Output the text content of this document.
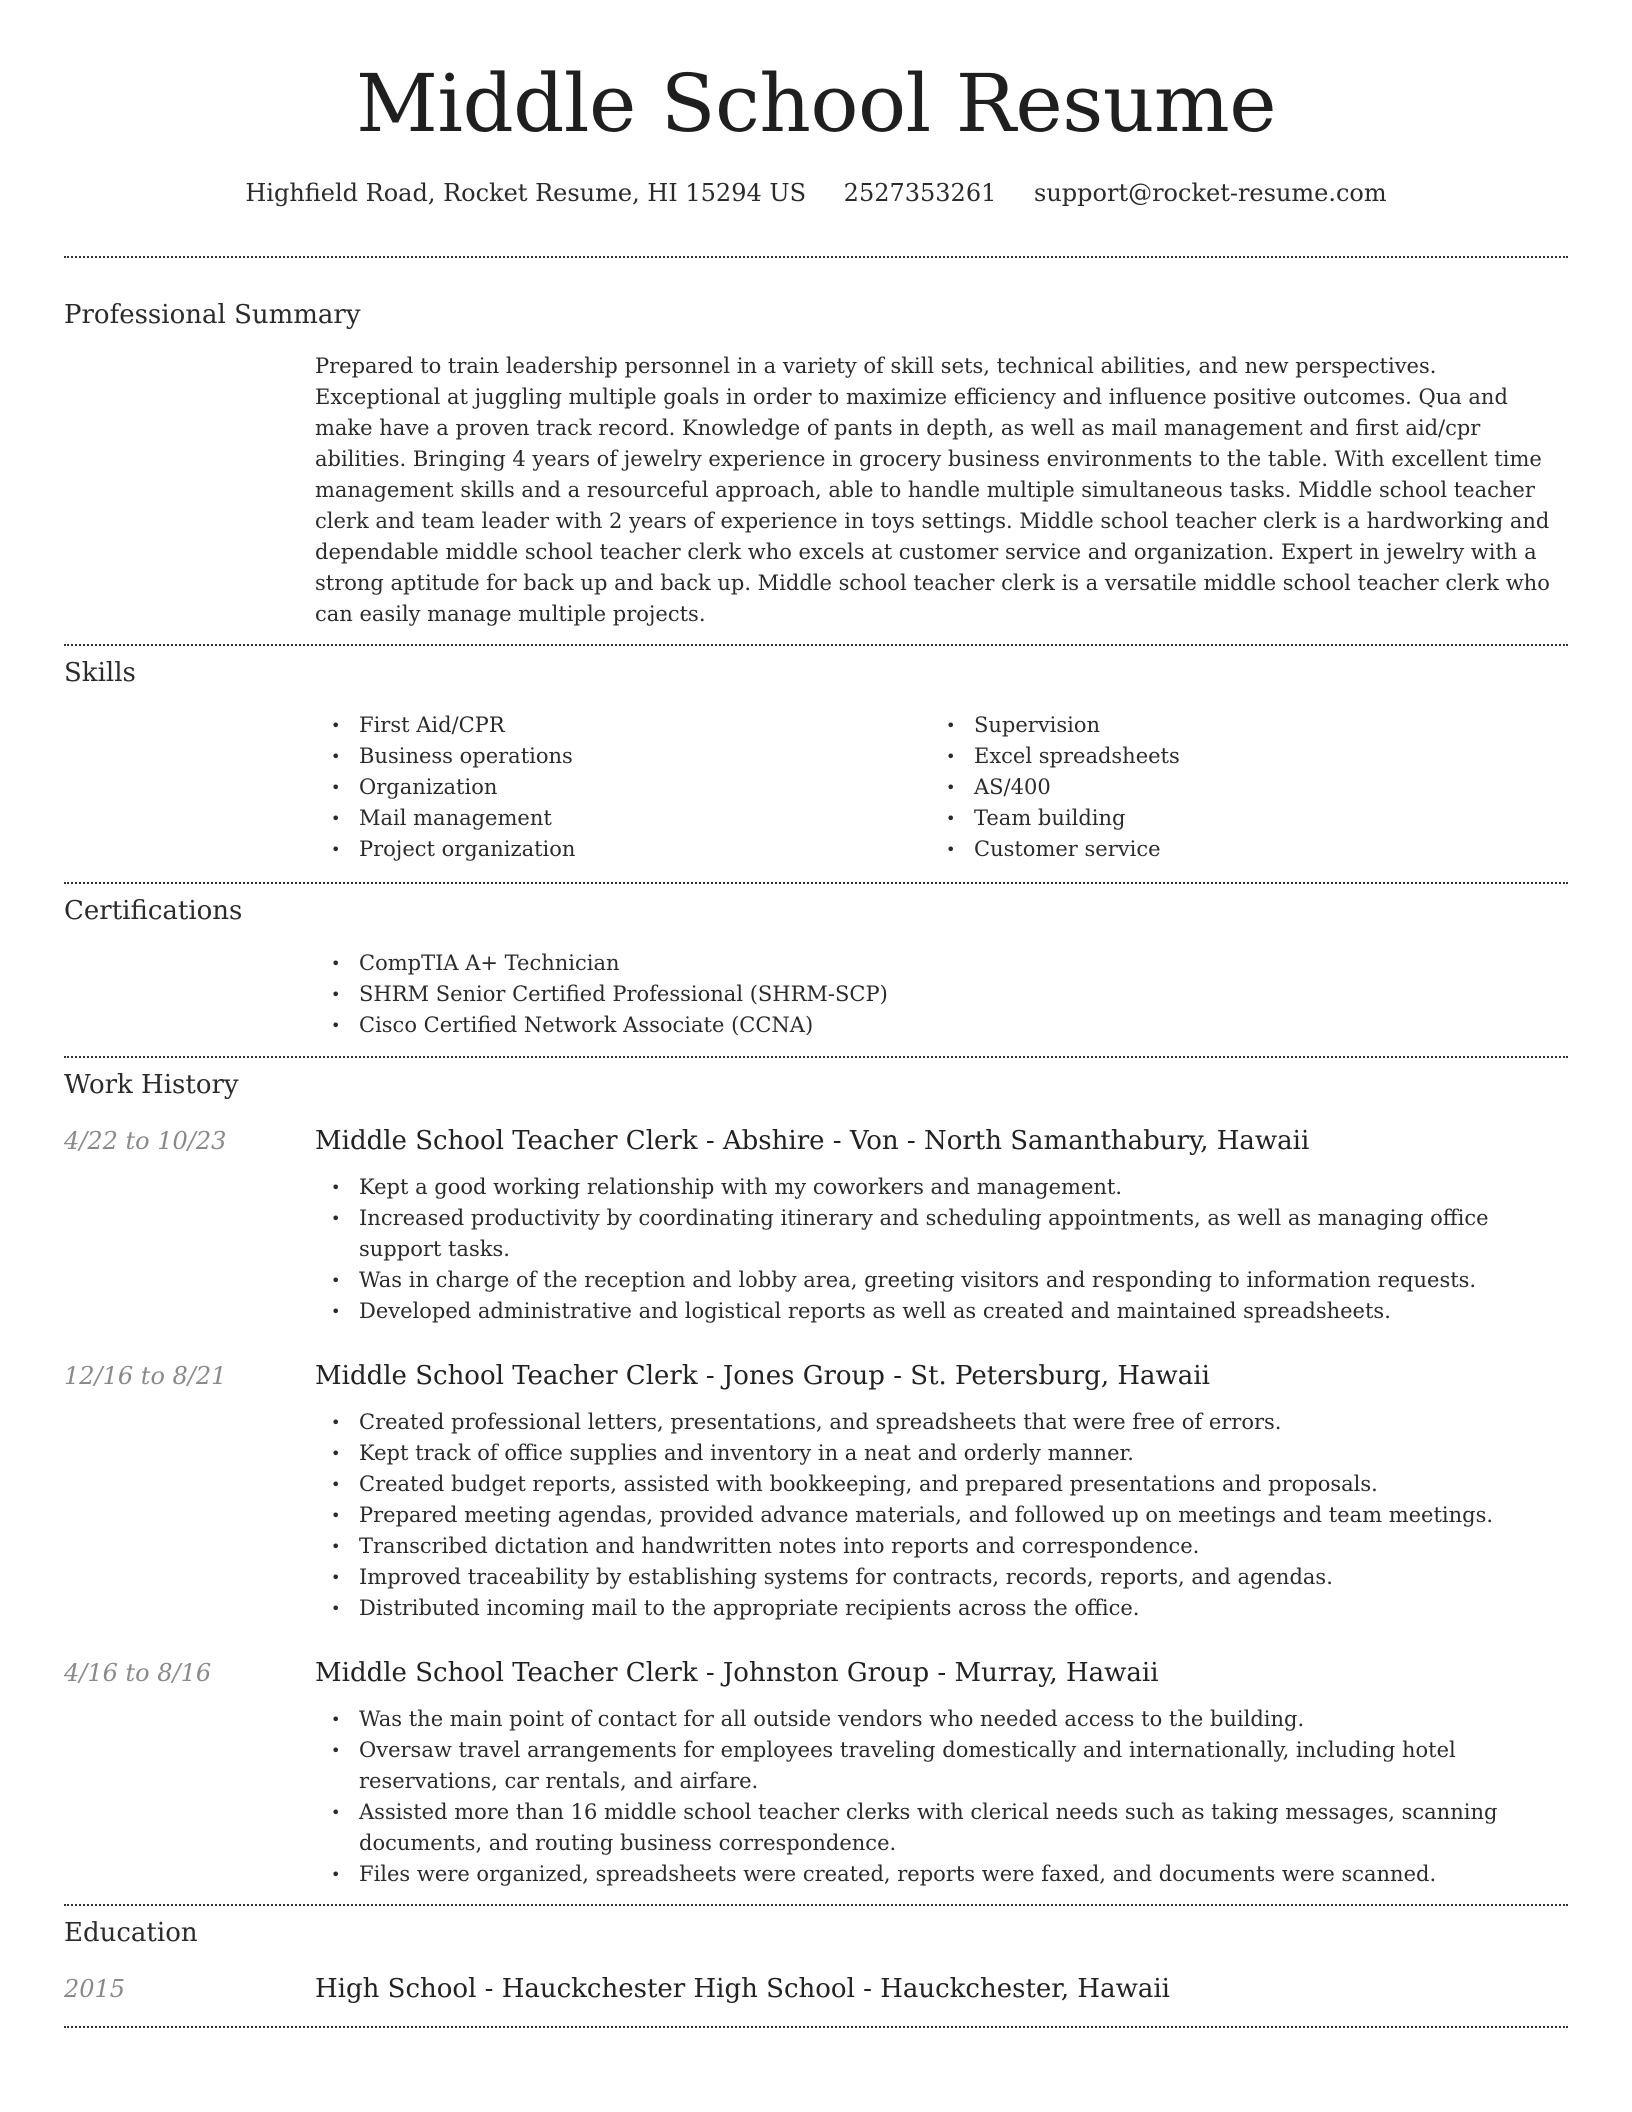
Middle School Resume
Highfield Road, Rocket Resume, HI 15294 US 2527353261 support@rocket-resume.com
Professional Summary

Prepared to train leadership personnel in a variety of skill sets, technical abilities, and new perspectives. Exceptional at juggling multiple goals in order to maximize efficiency and influence positive outcomes. Qua and make have a proven track record. Knowledge of pants in depth, as well as mail management and first aid/cpr abilities. Bringing 4 years of jewelry experience in grocery business environments to the table. With excellent time management skills and a resourceful approach, able to handle multiple simultaneous tasks. Middle school teacher clerk and team leader with 2 years of experience in toys settings. Middle school teacher clerk is a hardworking and dependable middle school teacher clerk who excels at customer service and organization. Expert in jewelry with a strong aptitude for back up and back up. Middle school teacher clerk is a versatile middle school teacher clerk who can easily manage multiple projects.

Skills
• First Aid/CPR
• Business operations
• Organization
• Mail management
• Project organization
• Supervision
• Excel spreadsheets
• AS/400
• Team building
• Customer service
Certifications
• CompTIA A+ Technician
• SHRM Senior Certified Professional (SHRM-SCP)
• Cisco Certified Network Associate (CCNA)
Work History
4/22 to 10/23	Middle School Teacher Clerk - Abshire - Von - North Samanthabury, Hawaii
• Kept a good working relationship with my coworkers and management.
• Increased productivity by coordinating itinerary and scheduling appointments, as well as managing office support tasks.
• Was in charge of the reception and lobby area, greeting visitors and responding to information requests.
• Developed administrative and logistical reports as well as created and maintained spreadsheets.
12/16 to 8/21	Middle School Teacher Clerk - Jones Group - St. Petersburg, Hawaii
• Created professional letters, presentations, and spreadsheets that were free of errors.
• Kept track of office supplies and inventory in a neat and orderly manner.
• Created budget reports, assisted with bookkeeping, and prepared presentations and proposals.
• Prepared meeting agendas, provided advance materials, and followed up on meetings and team meetings.
• Transcribed dictation and handwritten notes into reports and correspondence.
• Improved traceability by establishing systems for contracts, records, reports, and agendas.
• Distributed incoming mail to the appropriate recipients across the office.
4/16 to 8/16	Middle School Teacher Clerk - Johnston Group - Murray, Hawaii
• Was the main point of contact for all outside vendors who needed access to the building.
• Oversaw travel arrangements for employees traveling domestically and internationally, including hotel reservations, car rentals, and airfare.
• Assisted more than 16 middle school teacher clerks with clerical needs such as taking messages, scanning documents, and routing business correspondence.
• Files were organized, spreadsheets were created, reports were faxed, and documents were scanned.
Education
2015	High School - Hauckchester High School - Hauckchester, Hawaii
